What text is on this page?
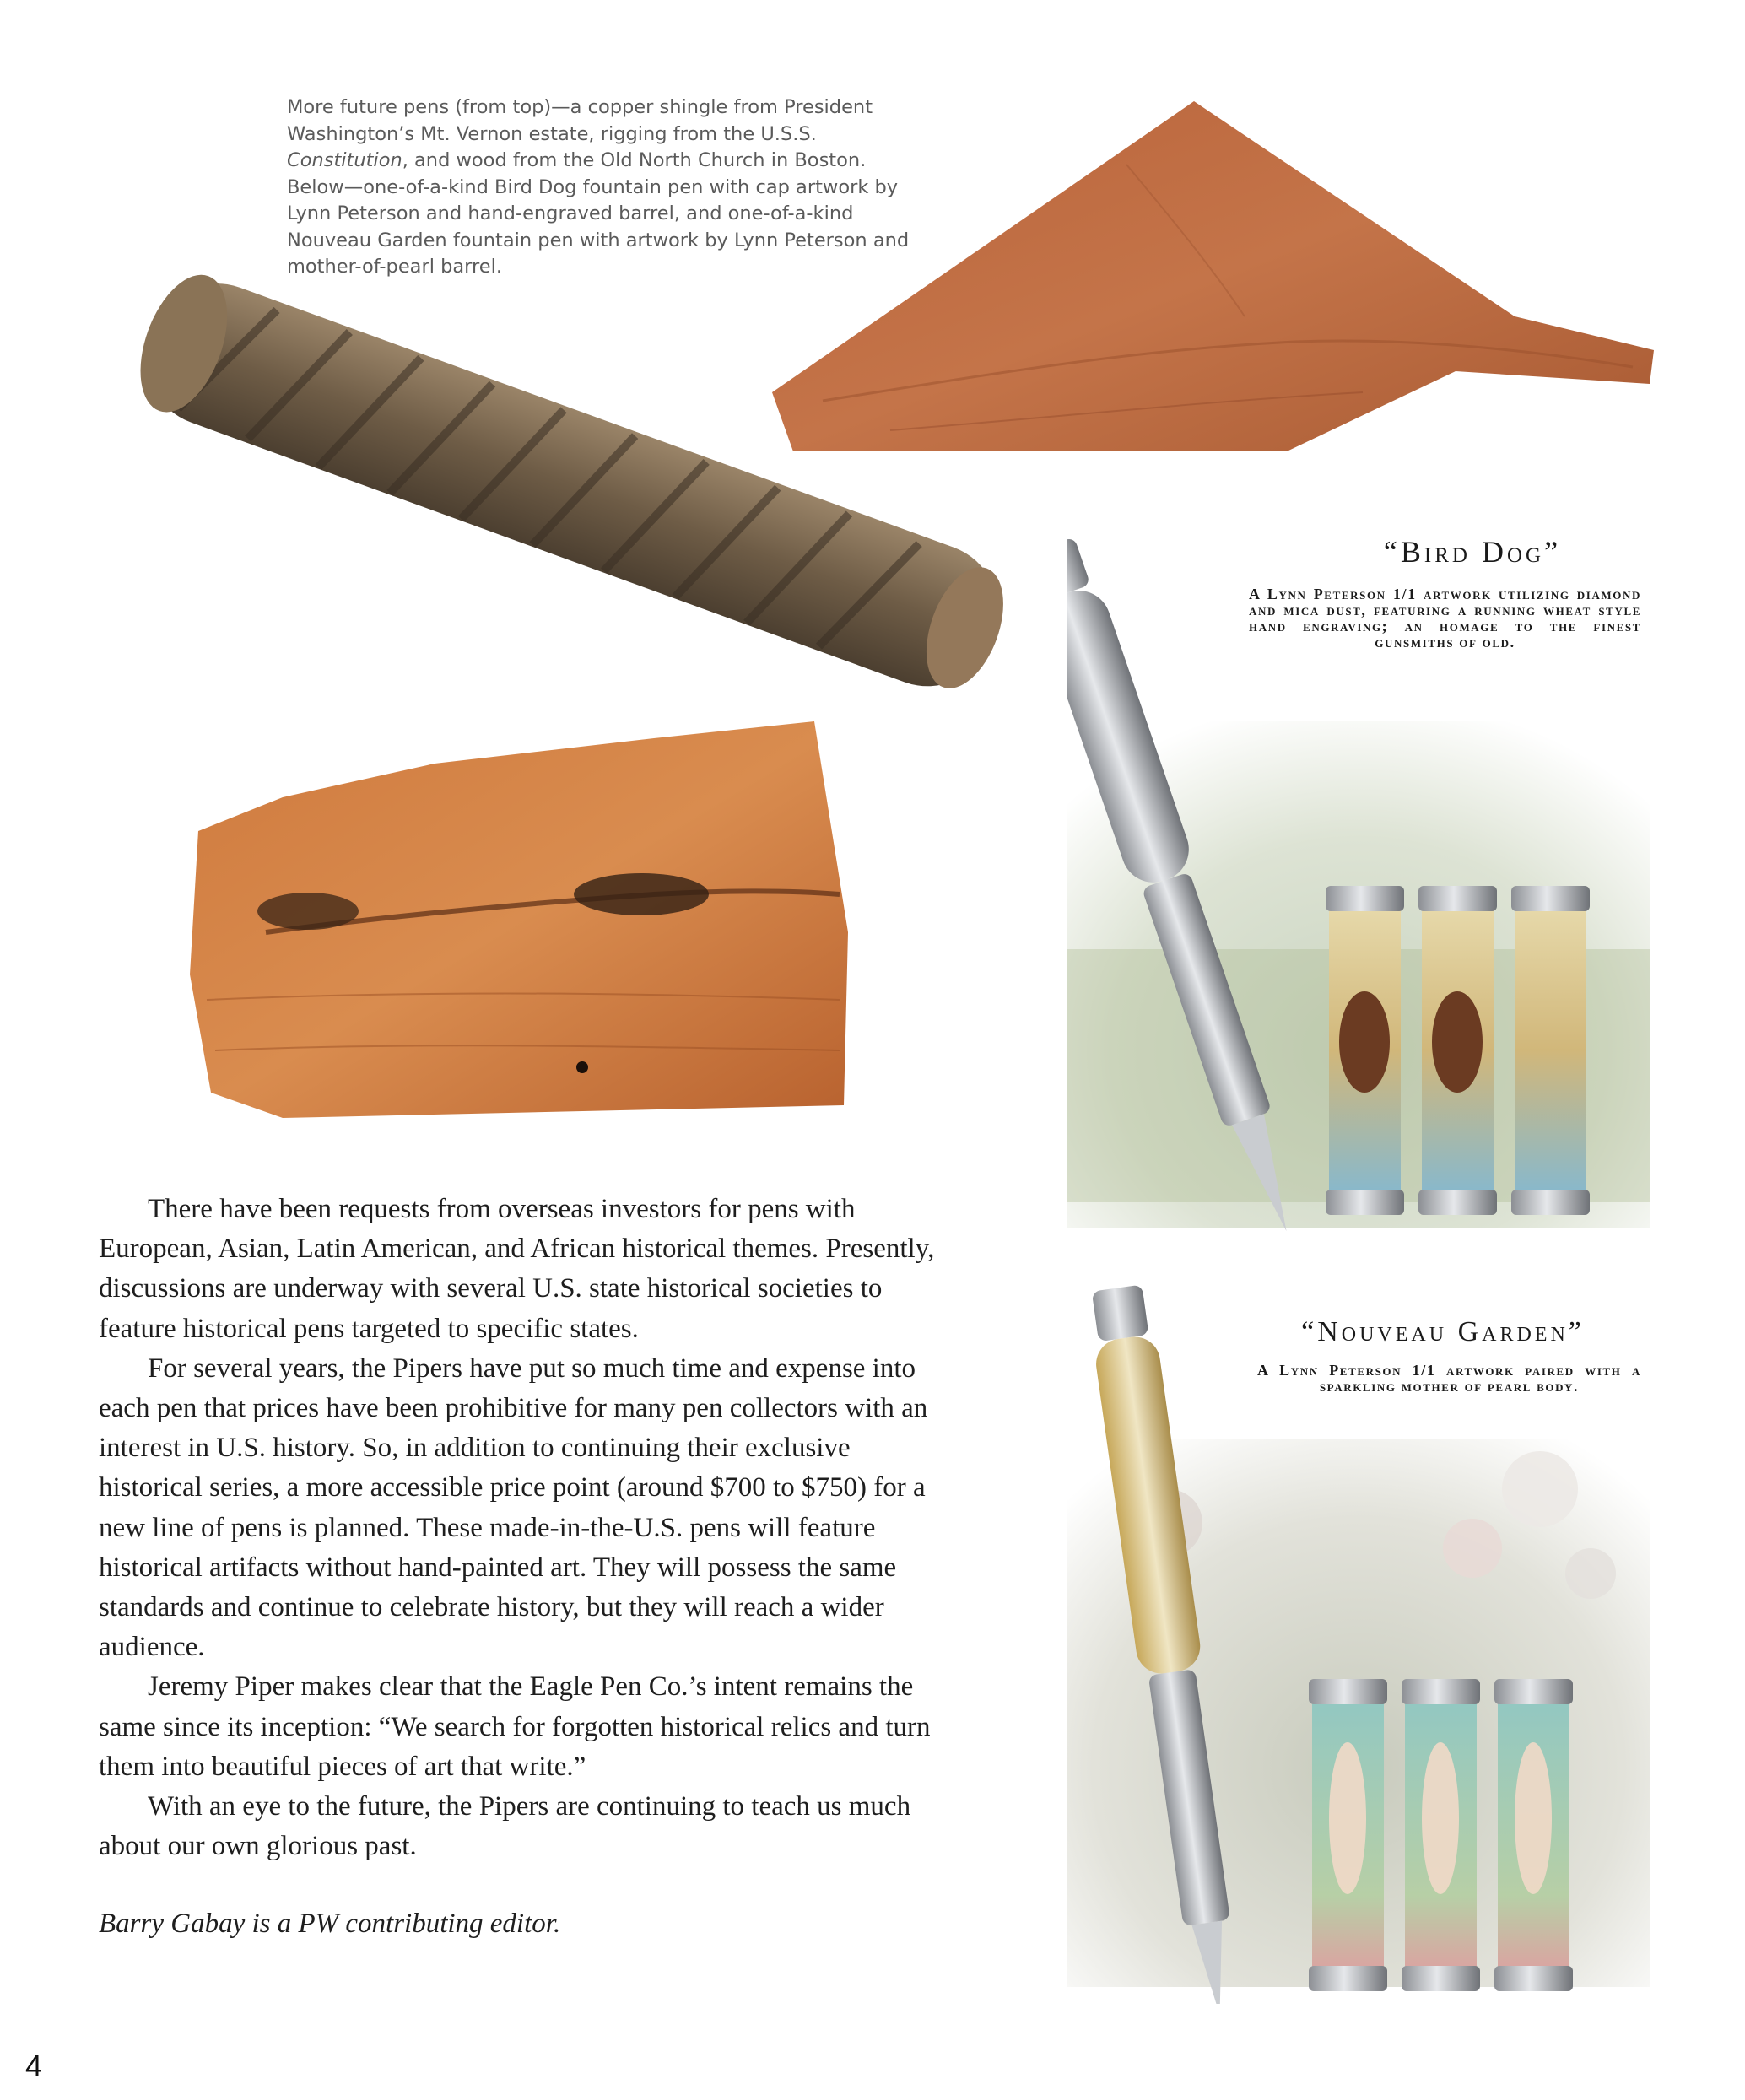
More future pens (from top)—a copper shingle from President
Washington’s Mt. Vernon estate, rigging from the U.S.S.
Constitution, and wood from the Old North Church in Boston.
Below—one-of-a-kind Bird Dog fountain pen with cap artwork by
Lynn Peterson and hand-engraved barrel, and one-of-a-kind
Nouveau Garden fountain pen with artwork by Lynn Peterson and
mother-of-pearl barrel.
“Bird Dog”
A Lynn Peterson 1/1 artwork utilizing diamond and mica dust, featuring a running wheat style hand engraving; an homage to the finest gunsmiths of old.
“Nouveau Garden”
A Lynn Peterson 1/1 artwork paired with a sparkling mother of pearl body.

There have been requests from overseas investors for pens with European, Asian, Latin American, and African historical themes. Presently, discussions are underway with several U.S. state historical societies to feature historical pens targeted to specific states.

For several years, the Pipers have put so much time and expense into each pen that prices have been prohibitive for many pen collectors with an interest in U.S. history. So, in addition to continuing their exclusive historical series, a more accessible price point (around $700 to $750) for a new line of pens is planned. These made-in-the-U.S. pens will feature historical artifacts without hand-painted art. They will possess the same standards and continue to celebrate history, but they will reach a wider audience.

Jeremy Piper makes clear that the Eagle Pen Co.’s intent remains the same since its inception: “We search for forgotten historical relics and turn them into beautiful pieces of art that write.”

With an eye to the future, the Pipers are continuing to teach us much about our own glorious past.

Barry Gabay is a PW contributing editor.
4
